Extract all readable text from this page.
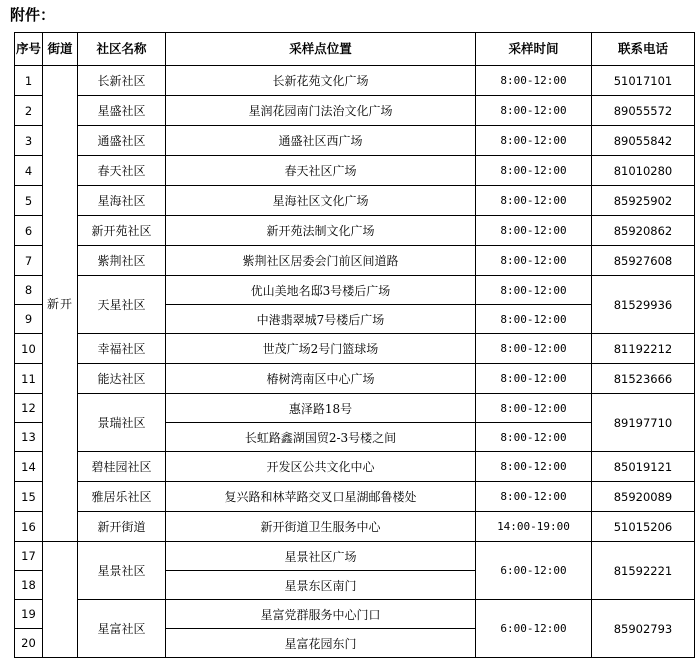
附件：
序号	街道	社区名称	采样点位置	采样时间	联系电话
1	新开	长新社区	长新花苑文化广场	8:00-12:00	51017101
2		星盛社区	星润花园南门法治文化广场	8:00-12:00	89055572
3		通盛社区	通盛社区西广场	8:00-12:00	89055842
4		春天社区	春天社区广场	8:00-12:00	81010280
5		星海社区	星海社区文化广场	8:00-12:00	85925902
6		新开苑社区	新开苑法制文化广场	8:00-12:00	85920862
7		紫荆社区	紫荆社区居委会门前区间道路	8:00-12:00	85927608
8		天星社区	优山美地名邸3号楼后广场	8:00-12:00	81529936
9			中港翡翠城7号楼后广场	8:00-12:00	
10		幸福社区	世茂广场2号门篮球场	8:00-12:00	81192212
11		能达社区	椿树湾南区中心广场	8:00-12:00	81523666
12		景瑞社区	惠泽路18号	8:00-12:00	89197710
13			长虹路鑫湖国贸2-3号楼之间	8:00-12:00	
14		碧桂园社区	开发区公共文化中心	8:00-12:00	85019121
15		雅居乐社区	复兴路和林苹路交叉口星湖邮鲁楼处	8:00-12:00	85920089
16		新开街道	新开街道卫生服务中心	14:00-19:00	51015206
17		星景社区	星景社区广场	6:00-12:00	81592221
18			星景东区南门		
19		星富社区	星富党群服务中心门口	6:00-12:00	85902793
20			星富花园东门		
